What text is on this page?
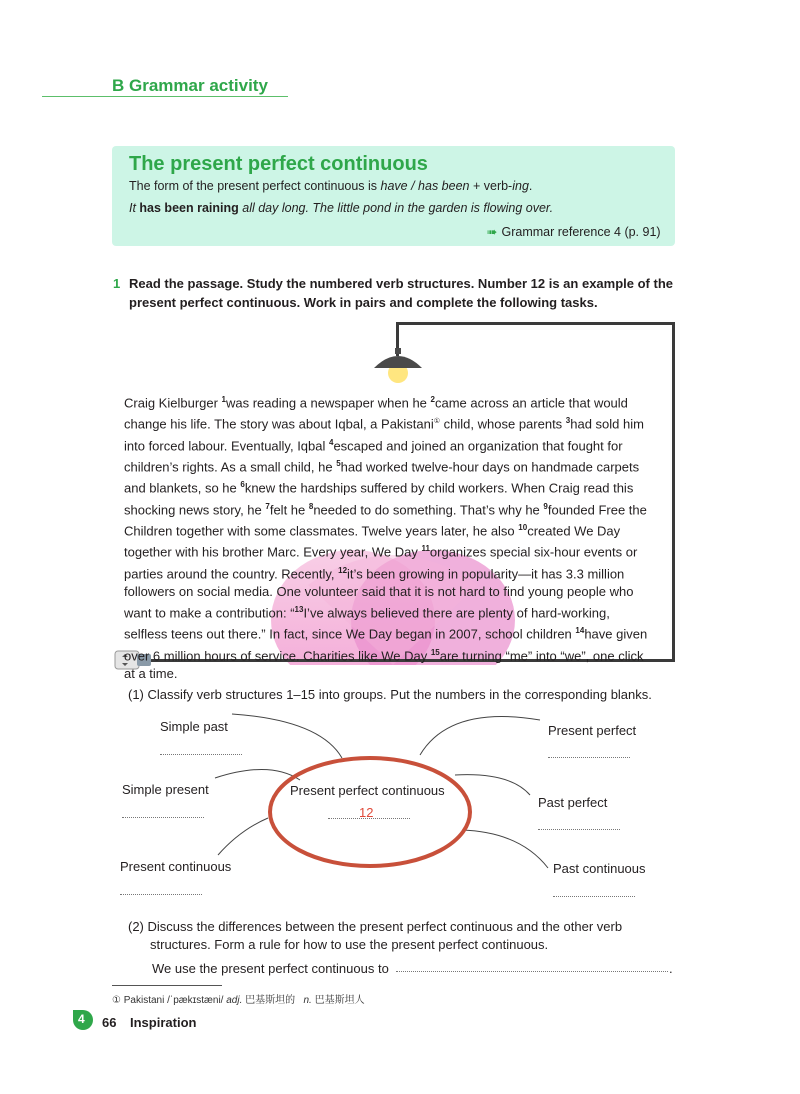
B Grammar activity
The present perfect continuous
The form of the present perfect continuous is have / has been + verb-ing.
It has been raining all day long. The little pond in the garden is flowing over.
➠ Grammar reference 4 (p. 91)
1 Read the passage. Study the numbered verb structures. Number 12 is an example of the present perfect continuous. Work in pairs and complete the following tasks.
Craig Kielburger $^1$was reading a newspaper when he $^2$came across an article that would change his life. The story was about Iqbal, a Pakistani① child, whose parents $^3$had sold him into forced labour. Eventually, Iqbal $^4$escaped and joined an organization that fought for children’s rights. As a small child, he $^5$had worked twelve-hour days on handmade carpets and blankets, so he $^6$knew the hardships suffered by child workers. When Craig read this shocking news story, he $^7$felt he $^8$needed to do something. That’s why he $^9$founded Free the Children together with some classmates. Twelve years later, he also $^{10}$created We Day together with his brother Marc. Every year, We Day $^{11}$organizes special six-hour events or parties around the country. Recently, $^{12}$it’s been growing in popularity—it has 3.3 million followers on social media. One volunteer said that it is not hard to find young people who want to make a contribution: “$^{13}$I’ve always believed there are plenty of hard-working, selfless teens out there.” In fact, since We Day began in 2007, school children $^{14}$have given over 6 million hours of service. Charities like We Day $^{15}$are turning “me” into “we”, one click at a time.
(1) Classify verb structures 1–15 into groups. Put the numbers in the corresponding blanks.
Simple past
Simple present
Present continuous
Present perfect
Past perfect
Past continuous
Present perfect continuous
12
(2) Discuss the differences between the present perfect continuous and the other verb
structures. Form a rule for how to use the present perfect continuous.
We use the present perfect continuous to	.
① Pakistani /ˈpækɪstæni/ adj. 巴基斯坦的 n. 巴基斯坦人
4 66 Inspiration
